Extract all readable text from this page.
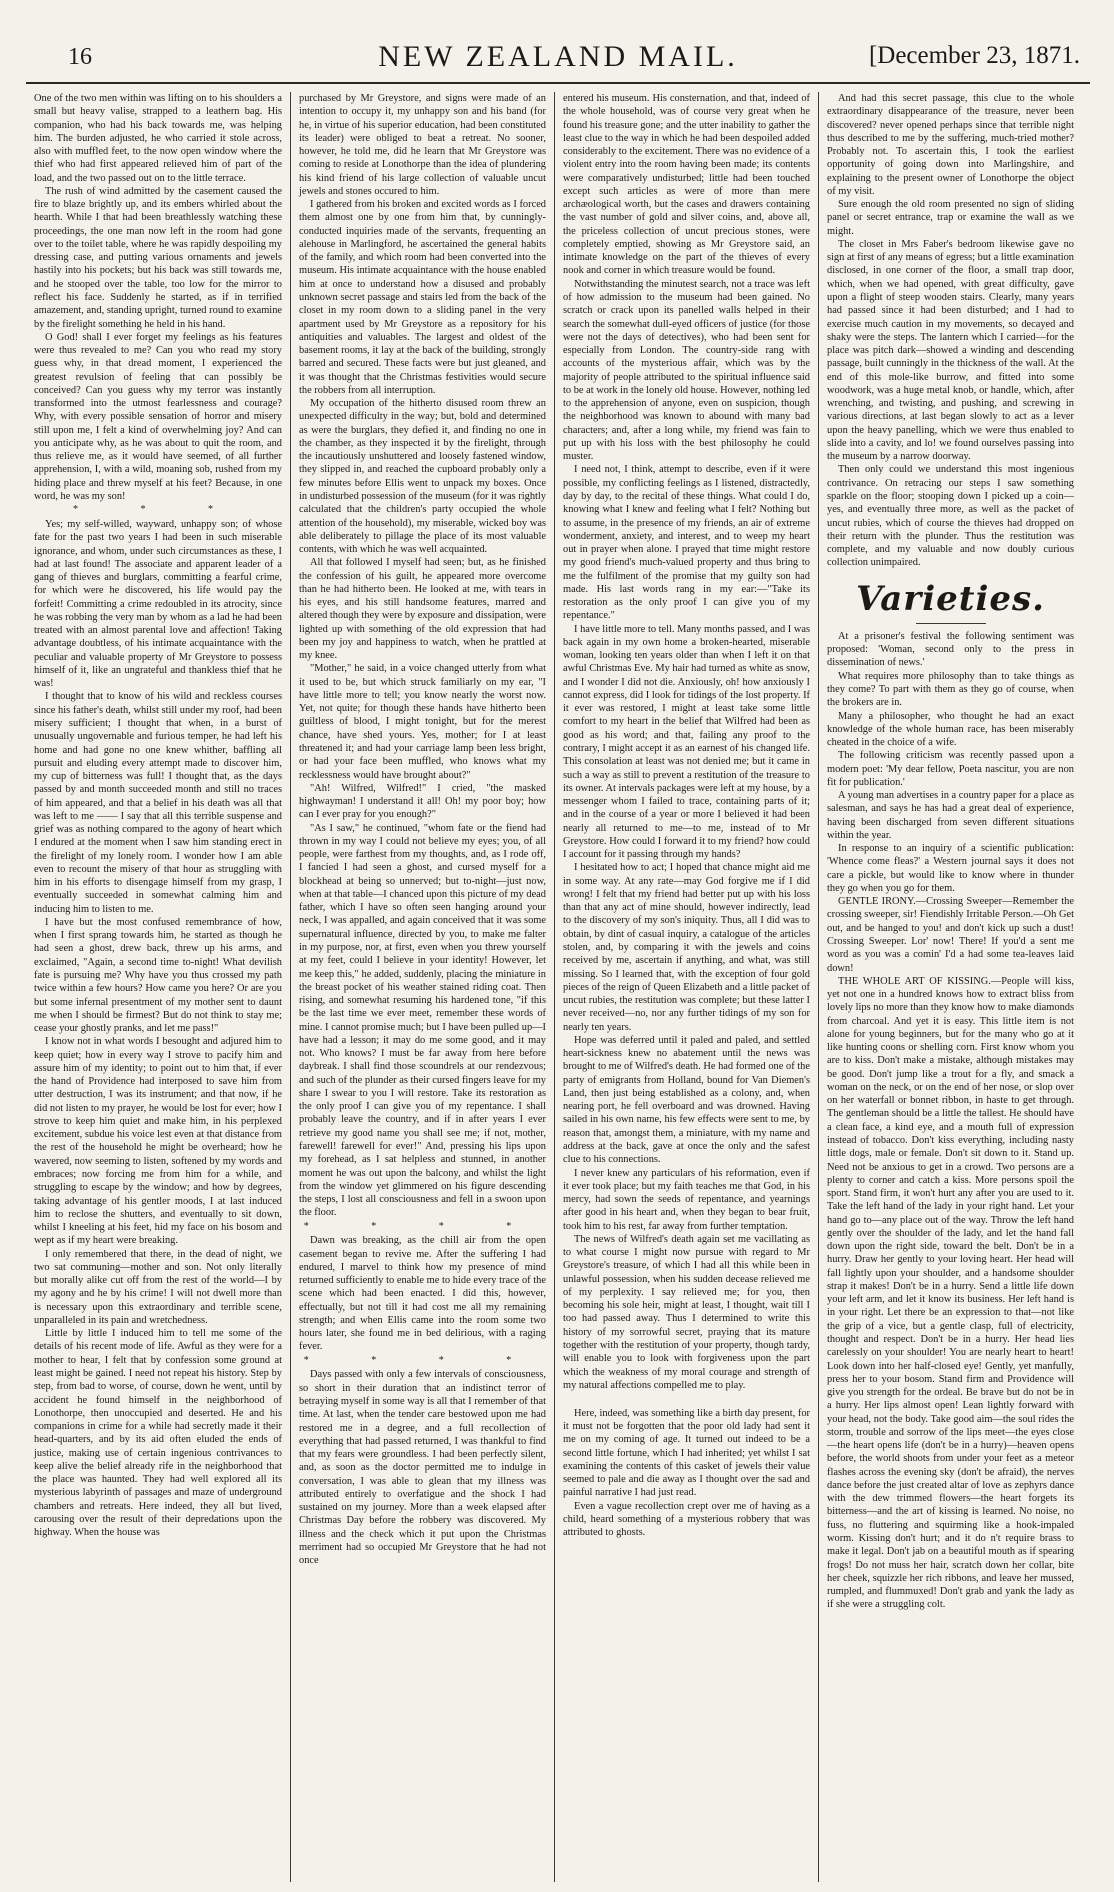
16	NEW ZEALAND MAIL.	[December 23, 1871.

One of the two men within was lifting on to his shoulders a small but heavy valise, strapped to a leathern bag. His companion, who had his back towards me, was helping him. The burden adjusted, he who carried it stole across, also with muffled feet, to the now open window where the thief who had first appeared relieved him of part of the load, and the two passed out on to the little terrace.

The rush of wind admitted by the casement caused the fire to blaze brightly up, and its embers whirled about the hearth. While I that had been breathlessly watching these proceedings, the one man now left in the room had gone over to the toilet table, where he was rapidly despoiling my dressing case, and putting various ornaments and jewels hastily into his pockets; but his back was still towards me, and he stooped over the table, too low for the mirror to reflect his face. Suddenly he started, as if in terrified amazement, and, standing upright, turned round to examine by the firelight something he held in his hand.

O God! shall I ever forget my feelings as his features were thus revealed to me? Can you who read my story guess why, in that dread moment, I experienced the greatest revulsion of feeling that can possibly be conceived? Can you guess why my terror was instantly transformed into the utmost fearlessness and courage? Why, with every possible sensation of horror and misery still upon me, I felt a kind of overwhelming joy? And can you anticipate why, as he was about to quit the room, and thus relieve me, as it would have seemed, of all further apprehension, I, with a wild, moaning sob, rushed from my hiding place and threw myself at his feet? Because, in one word, he was my son!

* * *

Yes; my self-willed, wayward, unhappy son; of whose fate for the past two years I had been in such miserable ignorance, and whom, under such circumstances as these, I had at last found! The associate and apparent leader of a gang of thieves and burglars, committing a fearful crime, for which were he discovered, his life would pay the forfeit! Committing a crime redoubled in its atrocity, since he was robbing the very man by whom as a lad he had been treated with an almost parental love and affection! Taking advantage doubtless, of his intimate acquaintance with the peculiar and valuable property of Mr Greystore to possess himself of it, like an ungrateful and thankless thief that he was!

I thought that to know of his wild and reckless courses since his father's death, whilst still under my roof, had been misery sufficient; I thought that when, in a burst of unusually ungovernable and furious temper, he had left his home and had gone no one knew whither, baffling all pursuit and eluding every attempt made to discover him, my cup of bitterness was full! I thought that, as the days passed by and month succeeded month and still no traces of him appeared, and that a belief in his death was all that was left to me —— I say that all this terrible suspense and grief was as nothing compared to the agony of heart which I endured at the moment when I saw him standing erect in the firelight of my lonely room. I wonder how I am able even to recount the misery of that hour as struggling with him in his efforts to disengage himself from my grasp, I eventually succeeded in somewhat calming him and inducing him to listen to me.

I have but the most confused remembrance of how, when I first sprang towards him, he started as though he had seen a ghost, drew back, threw up his arms, and exclaimed, "Again, a second time to-night! What devilish fate is pursuing me? Why have you thus crossed my path twice within a few hours? How came you here? Or are you but some infernal presentment of my mother sent to daunt me when I should be firmest? But do not think to stay me; cease your ghostly pranks, and let me pass!"

I know not in what words I besought and adjured him to keep quiet; how in every way I strove to pacify him and assure him of my identity; to point out to him that, if ever the hand of Providence had interposed to save him from utter destruction, I was its instrument; and that now, if he did not listen to my prayer, he would be lost for ever; how I strove to keep him quiet and make him, in his perplexed excitement, subdue his voice lest even at that distance from the rest of the household he might be overheard; how he wavered, now seeming to listen, softened by my words and embraces; now forcing me from him for a while, and struggling to escape by the window; and how by degrees, taking advantage of his gentler moods, I at last induced him to reclose the shutters, and eventually to sit down, whilst I kneeling at his feet, hid my face on his bosom and wept as if my heart were breaking.

I only remembered that there, in the dead of night, we two sat communing—mother and son. Not only literally but morally alike cut off from the rest of the world—I by my agony and he by his crime! I will not dwell more than is necessary upon this extraordinary and terrible scene, unparalleled in its pain and wretchedness.

Little by little I induced him to tell me some of the details of his recent mode of life. Awful as they were for a mother to hear, I felt that by confession some ground at least might be gained. I need not repeat his history. Step by step, from bad to worse, of course, down he went, until by accident he found himself in the neighborhood of Lonothorpe, then unoccupied and deserted. He and his companions in crime for a while had secretly made it their head-quarters, and by its aid often eluded the ends of justice, making use of certain ingenious contrivances to keep alive the belief already rife in the neighborhood that the place was haunted. They had well explored all its mysterious labyrinth of passages and maze of underground chambers and retreats. Here indeed, they all but lived, carousing over the result of their depredations upon the highway. When the house was

purchased by Mr Greystore, and signs were made of an intention to occupy it, my unhappy son and his band (for he, in virtue of his superior education, had been constituted its leader) were obliged to beat a retreat. No sooner, however, he told me, did he learn that Mr Greystore was coming to reside at Lonothorpe than the idea of plundering his kind friend of his large collection of valuable uncut jewels and stones occured to him.

I gathered from his broken and excited words as I forced them almost one by one from him that, by cunningly-conducted inquiries made of the servants, frequenting an alehouse in Marlingford, he ascertained the general habits of the family, and which room had been converted into the museum. His intimate acquaintance with the house enabled him at once to understand how a disused and probably unknown secret passage and stairs led from the back of the closet in my room down to a sliding panel in the very apartment used by Mr Greystore as a repository for his antiquities and valuables. The largest and oldest of the basement rooms, it lay at the back of the building, strongly barred and secured. These facts were but just gleaned, and it was thought that the Christmas festivities would secure the robbers from all interruption.

My occupation of the hitherto disused room threw an unexpected difficulty in the way; but, bold and determined as were the burglars, they defied it, and finding no one in the chamber, as they inspected it by the firelight, through the incautiously unshuttered and loosely fastened window, they slipped in, and reached the cupboard probably only a few minutes before Ellis went to unpack my boxes. Once in undisturbed possession of the museum (for it was rightly calculated that the children's party occupied the whole attention of the household), my miserable, wicked boy was able deliberately to pillage the place of its most valuable contents, with which he was well acquainted.

All that followed I myself had seen; but, as he finished the confession of his guilt, he appeared more overcome than he had hitherto been. He looked at me, with tears in his eyes, and his still handsome features, marred and altered though they were by exposure and dissipation, were lighted up with something of the old expression that had been my joy and happiness to watch, when he prattled at my knee.

"Mother," he said, in a voice changed utterly from what it used to be, but which struck familiarly on my ear, "I have little more to tell; you know nearly the worst now. Yet, not quite; for though these hands have hitherto been guiltless of blood, I might tonight, but for the merest chance, have shed yours. Yes, mother; for I at least threatened it; and had your carriage lamp been less bright, or had your face been muffled, who knows what my recklessness would have brought about?"

"Ah! Wilfred, Wilfred!" I cried, "the masked highwayman! I understand it all! Oh! my poor boy; how can I ever pray for you enough?"

"As I saw," he continued, "whom fate or the fiend had thrown in my way I could not believe my eyes; you, of all people, were farthest from my thoughts, and, as I rode off, I fancied I had seen a ghost, and cursed myself for a blockhead at being so unnerved; but to-night—just now, when at that table—I chanced upon this picture of my dead father, which I have so often seen hanging around your neck, I was appalled, and again conceived that it was some supernatural influence, directed by you, to make me falter in my purpose, nor, at first, even when you threw yourself at my feet, could I believe in your identity! However, let me keep this," he added, suddenly, placing the miniature in the breast pocket of his weather stained riding coat. Then rising, and somewhat resuming his hardened tone, "if this be the last time we ever meet, remember these words of mine. I cannot promise much; but I have been pulled up—I have had a lesson; it may do me some good, and it may not. Who knows? I must be far away from here before daybreak. I shall find those scoundrels at our rendezvous; and such of the plunder as their cursed fingers leave for my share I swear to you I will restore. Take its restoration as the only proof I can give you of my repentance. I shall probably leave the country, and if in after years I ever retrieve my good name you shall see me; if not, mother, farewell! farewell for ever!" And, pressing his lips upon my forehead, as I sat helpless and stunned, in another moment he was out upon the balcony, and whilst the light from the window yet glimmered on his figure descending the steps, I lost all consciousness and fell in a swoon upon the floor.

* * * *

Dawn was breaking, as the chill air from the open casement began to revive me. After the suffering I had endured, I marvel to think how my presence of mind returned sufficiently to enable me to hide every trace of the scene which had been enacted. I did this, however, effectually, but not till it had cost me all my remaining strength; and when Ellis came into the room some two hours later, she found me in bed delirious, with a raging fever.

* * * *

Days passed with only a few intervals of consciousness, so short in their duration that an indistinct terror of betraying myself in some way is all that I remember of that time. At last, when the tender care bestowed upon me had restored me in a degree, and a full recollection of everything that had passed returned, I was thankful to find that my fears were groundless. I had been perfectly silent, and, as soon as the doctor permitted me to indulge in conversation, I was able to glean that my illness was attributed entirely to overfatigue and the shock I had sustained on my journey. More than a week elapsed after Christmas Day before the robbery was discovered. My illness and the check which it put upon the Christmas merriment had so occupied Mr Greystore that he had not once

entered his museum. His consternation, and that, indeed of the whole household, was of course very great when he found his treasure gone; and the utter inability to gather the least clue to the way in which he had been despoiled added considerably to the excitement. There was no evidence of a violent entry into the room having been made; its contents were comparatively undisturbed; little had been touched except such articles as were of more than mere archæological worth, but the cases and drawers containing the vast number of gold and silver coins, and, above all, the priceless collection of uncut precious stones, were completely emptied, showing as Mr Greystore said, an intimate knowledge on the part of the thieves of every nook and corner in which treasure would be found.

Notwithstanding the minutest search, not a trace was left of how admission to the museum had been gained. No scratch or crack upon its panelled walls helped in their search the somewhat dull-eyed officers of justice (for those were not the days of detectives), who had been sent for especially from London. The country-side rang with accounts of the mysterious affair, which was by the majority of people attributed to the spiritual influence said to be at work in the lonely old house. However, nothing led to the apprehension of anyone, even on suspicion, though the neighborhood was known to abound with many bad characters; and, after a long while, my friend was fain to put up with his loss with the best philosophy he could muster.

I need not, I think, attempt to describe, even if it were possible, my conflicting feelings as I listened, distractedly, day by day, to the recital of these things. What could I do, knowing what I knew and feeling what I felt? Nothing but to assume, in the presence of my friends, an air of extreme wonderment, anxiety, and interest, and to weep my heart out in prayer when alone. I prayed that time might restore my good friend's much-valued property and thus bring to me the fulfilment of the promise that my guilty son had made. His last words rang in my ear:—"Take its restoration as the only proof I can give you of my repentance."

I have little more to tell. Many months passed, and I was back again in my own home a broken-hearted, miserable woman, looking ten years older than when I left it on that awful Christmas Eve. My hair had turned as white as snow, and I wonder I did not die. Anxiously, oh! how anxiously I cannot express, did I look for tidings of the lost property. If it ever was restored, I might at least take some little comfort to my heart in the belief that Wilfred had been as good as his word; and that, failing any proof to the contrary, I might accept it as an earnest of his changed life. This consolation at least was not denied me; but it came in such a way as still to prevent a restitution of the treasure to its owner. At intervals packages were left at my house, by a messenger whom I failed to trace, containing parts of it; and in the course of a year or more I believed it had been nearly all returned to me—to me, instead of to Mr Greystore. How could I forward it to my friend? how could I account for it passing through my hands?

I hesitated how to act; I hoped that chance might aid me in some way. At any rate—may God forgive me if I did wrong! I felt that my friend had better put up with his loss than that any act of mine should, however indirectly, lead to the discovery of my son's iniquity. Thus, all I did was to obtain, by dint of casual inquiry, a catalogue of the articles stolen, and, by comparing it with the jewels and coins received by me, ascertain if anything, and what, was still missing. So I learned that, with the exception of four gold pieces of the reign of Queen Elizabeth and a little packet of uncut rubies, the restitution was complete; but these latter I never received—no, nor any further tidings of my son for nearly ten years.

Hope was deferred until it paled and paled, and settled heart-sickness knew no abatement until the news was brought to me of Wilfred's death. He had formed one of the party of emigrants from Holland, bound for Van Diemen's Land, then just being established as a colony, and, when nearing port, he fell overboard and was drowned. Having sailed in his own name, his few effects were sent to me, by reason that, amongst them, a miniature, with my name and address at the back, gave at once the only and the safest clue to his connections.

I never knew any particulars of his reformation, even if it ever took place; but my faith teaches me that God, in his mercy, had sown the seeds of repentance, and yearnings after good in his heart and, when they began to bear fruit, took him to his rest, far away from further temptation.

The news of Wilfred's death again set me vacillating as to what course I might now pursue with regard to Mr Greystore's treasure, of which I had all this while been in unlawful possession, when his sudden decease relieved me of my perplexity. I say relieved me; for you, then becoming his sole heir, might at least, I thought, wait till I too had passed away. Thus I determined to write this history of my sorrowful secret, praying that its mature together with the restitution of your property, though tardy, will enable you to look with forgiveness upon the part which the weakness of my moral courage and strength of my natural affections compelled me to play.

Here, indeed, was something like a birth day present, for it must not be forgotten that the poor old lady had sent it me on my coming of age. It turned out indeed to be a second little fortune, which I had inherited; yet whilst I sat examining the contents of this casket of jewels their value seemed to pale and die away as I thought over the sad and painful narrative I had just read.

Even a vague recollection crept over me of having as a child, heard something of a mysterious robbery that was attributed to ghosts.

And had this secret passage, this clue to the whole extraordinary disappearance of the treasure, never been discovered? never opened perhaps since that terrible night thus described to me by the suffering, much-tried mother? Probably not. To ascertain this, I took the earliest opportunity of going down into Marlingshire, and explaining to the present owner of Lonothorpe the object of my visit.

Sure enough the old room presented no sign of sliding panel or secret entrance, trap or examine the wall as we might.

The closet in Mrs Faber's bedroom likewise gave no sign at first of any means of egress; but a little examination disclosed, in one corner of the floor, a small trap door, which, when we had opened, with great difficulty, gave upon a flight of steep wooden stairs. Clearly, many years had passed since it had been disturbed; and I had to exercise much caution in my movements, so decayed and shaky were the steps. The lantern which I carried—for the place was pitch dark—showed a winding and descending passage, built cunningly in the thickness of the wall. At the end of this mole-like burrow, and fitted into some woodwork, was a huge metal knob, or handle, which, after wrenching, and twisting, and pushing, and screwing in various directions, at last began slowly to act as a lever upon the heavy panelling, which we were thus enabled to slide into a cavity, and lo! we found ourselves passing into the museum by a narrow doorway.

Then only could we understand this most ingenious contrivance. On retracing our steps I saw something sparkle on the floor; stooping down I picked up a coin—yes, and eventually three more, as well as the packet of uncut rubies, which of course the thieves had dropped on their return with the plunder. Thus the restitution was complete, and my valuable and now doubly curious collection unimpaired.

Varieties.

At a prisoner's festival the following sentiment was proposed: 'Woman, second only to the press in dissemination of news.'

What requires more philosophy than to take things as they come? To part with them as they go of course, when the brokers are in.

Many a philosopher, who thought he had an exact knowledge of the whole human race, has been miserably cheated in the choice of a wife.

The following criticism was recently passed upon a modern poet: 'My dear fellow, Poeta nascitur, you are non fit for publication.'

A young man advertises in a country paper for a place as salesman, and says he has had a great deal of experience, having been discharged from seven different situations within the year.

In response to an inquiry of a scientific publication: 'Whence come fleas?' a Western journal says it does not care a pickle, but would like to know where in thunder they go when you go for them.

GENTLE IRONY.—Crossing Sweeper—Remember the crossing sweeper, sir! Fiendishly Irritable Person.—Oh Get out, and be hanged to you! and don't kick up such a dust! Crossing Sweeper. Lor' now! There! If you'd a sent me word as you was a comin' I'd a had some tea-leaves laid down!

THE WHOLE ART OF KISSING.—People will kiss, yet not one in a hundred knows how to extract bliss from lovely lips no more than they know how to make diamonds from charcoal. And yet it is easy. This little item is not alone for young beginners, but for the many who go at it like hunting coons or shelling corn. First know whom you are to kiss. Don't make a mistake, although mistakes may be good. Don't jump like a trout for a fly, and smack a woman on the neck, or on the end of her nose, or slop over on her waterfall or bonnet ribbon, in haste to get through. The gentleman should be a little the tallest. He should have a clean face, a kind eye, and a mouth full of expression instead of tobacco. Don't kiss everything, including nasty little dogs, male or female. Don't sit down to it. Stand up. Need not be anxious to get in a crowd. Two persons are a plenty to corner and catch a kiss. More persons spoil the sport. Stand firm, it won't hurt any after you are used to it. Take the left hand of the lady in your right hand. Let your hand go to—any place out of the way. Throw the left hand gently over the shoulder of the lady, and let the hand fall down upon the right side, toward the belt. Don't be in a hurry. Draw her gently to your loving heart. Her head will fall lightly upon your shoulder, and a handsome shoulder strap it makes! Don't be in a hurry. Send a little life down your left arm, and let it know its business. Her left hand is in your right. Let there be an expression to that—not like the grip of a vice, but a gentle clasp, full of electricity, thought and respect. Don't be in a hurry. Her head lies carelessly on your shoulder! You are nearly heart to heart! Look down into her half-closed eye! Gently, yet manfully, press her to your bosom. Stand firm and Providence will give you strength for the ordeal. Be brave but do not be in a hurry. Her lips almost open! Lean lightly forward with your head, not the body. Take good aim—the soul rides the storm, trouble and sorrow of the lips meet—the eyes close—the heart opens life (don't be in a hurry)—heaven opens before, the world shoots from under your feet as a meteor flashes across the evening sky (don't be afraid), the nerves dance before the just created altar of love as zephyrs dance with the dew trimmed flowers—the heart forgets its bitterness—and the art of kissing is learned. No noise, no fuss, no fluttering and squirming like a hook-impaled worm. Kissing don't hurt; and it do n't require brass to make it legal. Don't jab on a beautiful mouth as if spearing frogs! Do not muss her hair, scratch down her collar, bite her cheek, squizzle her rich ribbons, and leave her mussed, rumpled, and flummuxed! Don't grab and yank the lady as if she were a struggling colt.
